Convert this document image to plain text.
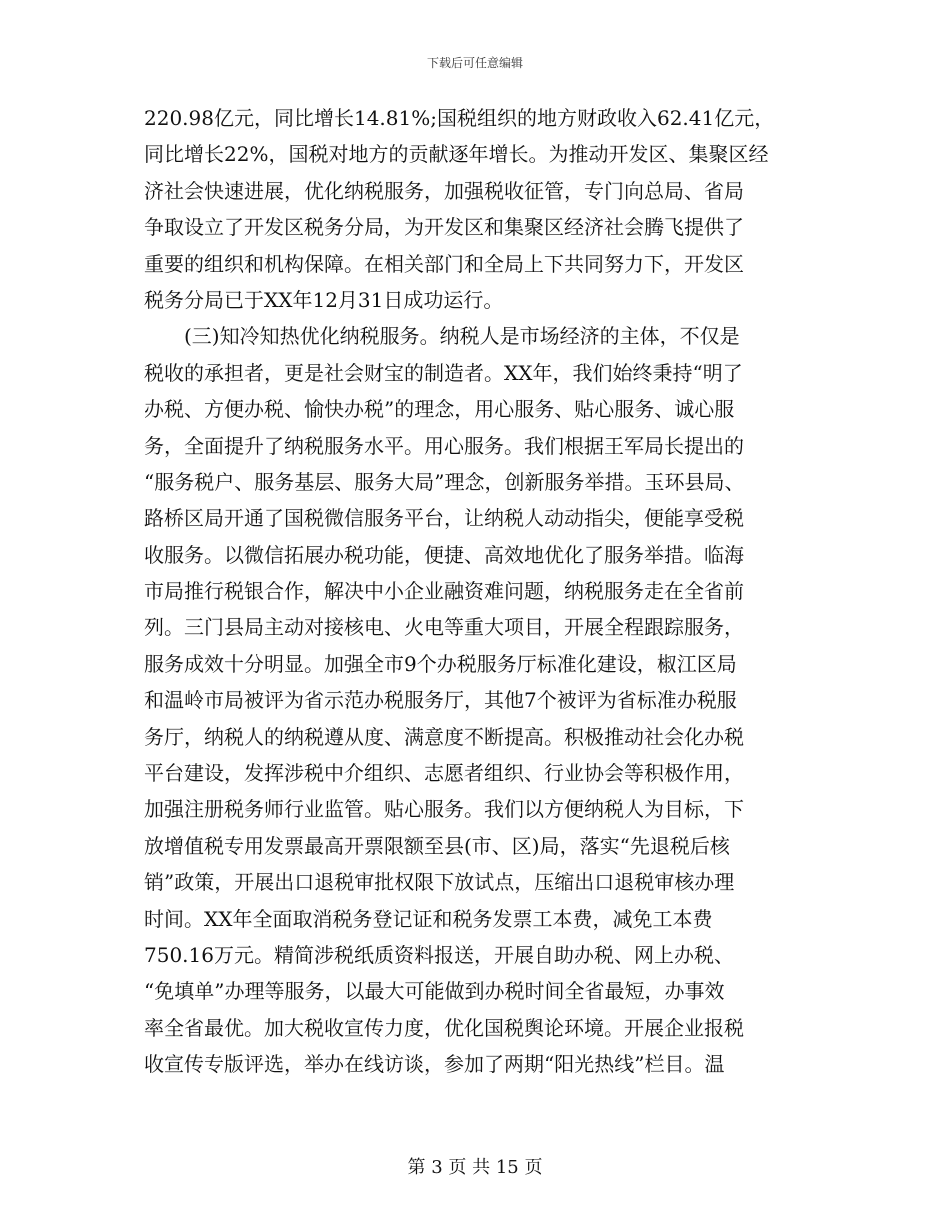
下载后可任意编辑
220.98亿元，同比增长14.81%;国税组织的地方财政收入62.41亿元，
同比增长22%，国税对地方的贡献逐年增长。为推动开发区、集聚区经
济社会快速进展，优化纳税服务，加强税收征管，专门向总局、省局
争取设立了开发区税务分局，为开发区和集聚区经济社会腾飞提供了
重要的组织和机构保障。在相关部门和全局上下共同努力下，开发区
税务分局已于XX年12月31日成功运行。
(三)知冷知热优化纳税服务。纳税人是市场经济的主体，不仅是
税收的承担者，更是社会财宝的制造者。XX年，我们始终秉持“明了
办税、方便办税、愉快办税”的理念，用心服务、贴心服务、诚心服
务，全面提升了纳税服务水平。用心服务。我们根据王军局长提出的
“服务税户、服务基层、服务大局”理念，创新服务举措。玉环县局、
路桥区局开通了国税微信服务平台，让纳税人动动指尖，便能享受税
收服务。以微信拓展办税功能，便捷、高效地优化了服务举措。临海
市局推行税银合作，解决中小企业融资难问题，纳税服务走在全省前
列。三门县局主动对接核电、火电等重大项目，开展全程跟踪服务，
服务成效十分明显。加强全市9个办税服务厅标准化建设，椒江区局
和温岭市局被评为省示范办税服务厅，其他7个被评为省标准办税服
务厅，纳税人的纳税遵从度、满意度不断提高。积极推动社会化办税
平台建设，发挥涉税中介组织、志愿者组织、行业协会等积极作用，
加强注册税务师行业监管。贴心服务。我们以方便纳税人为目标，下
放增值税专用发票最高开票限额至县(市、区)局，落实“先退税后核
销”政策，开展出口退税审批权限下放试点，压缩出口退税审核办理
时间。XX年全面取消税务登记证和税务发票工本费，减免工本费
750.16万元。精简涉税纸质资料报送，开展自助办税、网上办税、
“免填单”办理等服务，以最大可能做到办税时间全省最短，办事效
率全省最优。加大税收宣传力度，优化国税舆论环境。开展企业报税
收宣传专版评选，举办在线访谈，参加了两期“阳光热线”栏目。温
第 3 页 共 15 页
